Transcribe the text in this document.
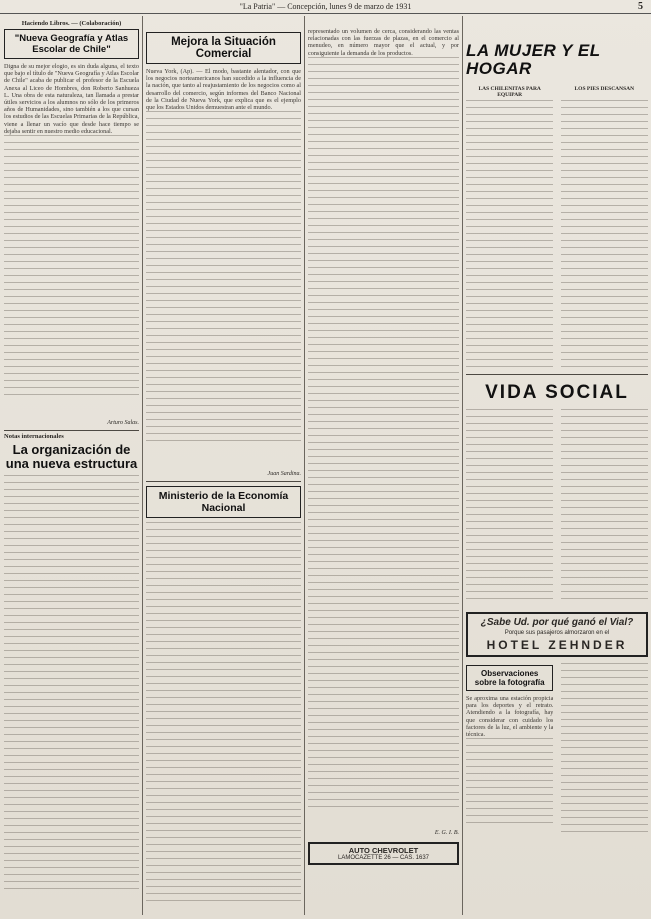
"La Patria" — Concepción, lunes 9 de marzo de 1931	5
Haciendo Libros. — (Colaboración)
"Nueva Geografía y Atlas Escolar de Chile"

Digna de su mejor elogio, es sin duda alguna, el texto que bajo el título de "Nueva Geografía y Atlas Escolar de Chile" acaba de publicar el profesor de la Escuela Anexa al Liceo de Hombres, don Roberto Sanhueza L. Una obra de esta naturaleza, tan llamada a prestar útiles servicios a los alumnos no sólo de los primeros años de Humanidades, sino también a los que cursan los estudios de las Escuelas Primarias de la República, viene a llenar un vacío que desde hace tiempo se dejaba sentir en nuestro medio educacional.

Arturo Salas.
Notas internacionales
La organización de una nueva estructura
Mejora la Situación Comercial

Nueva York, (Ap). — El modo, bastante alentador, con que los negocios norteamericanos han sucedido a la influencia de la nación, que tanto al reajustamiento de los negocios como al desarrollo del comercio, según informes del Banco Nacional de la Ciudad de Nueva York, que explica que es el ejemplo que los Estados Unidos demuestran ante el mundo.

Juan Sardina.
Ministerio de la Economía Nacional

representado un volumen de cerca, considerando las ventas relacionadas con las fuerzas de plazas, en el comercio al menudeo, en número mayor que el actual, y por consiguiente la demanda de los productos.

E. G. I. B.
AUTO CHEVROLET
LAMOCAZETTE 26 — CAS. 1637
LA MUJER Y EL HOGAR
LAS CHILENITAS PARA EQUIPAR
LOS PIES DESCANSAN
VIDA SOCIAL
¿Sabe Ud. por qué ganó el Vial?
Porque sus pasajeros almorzaron en el
HOTEL ZEHNDER
Observaciones sobre la fotografía

Se aproxima una estación propicia para los deportes y el retrato. Atendiendo a la fotografía, hay que considerar con cuidado los factores de la luz, el ambiente y la técnica.
